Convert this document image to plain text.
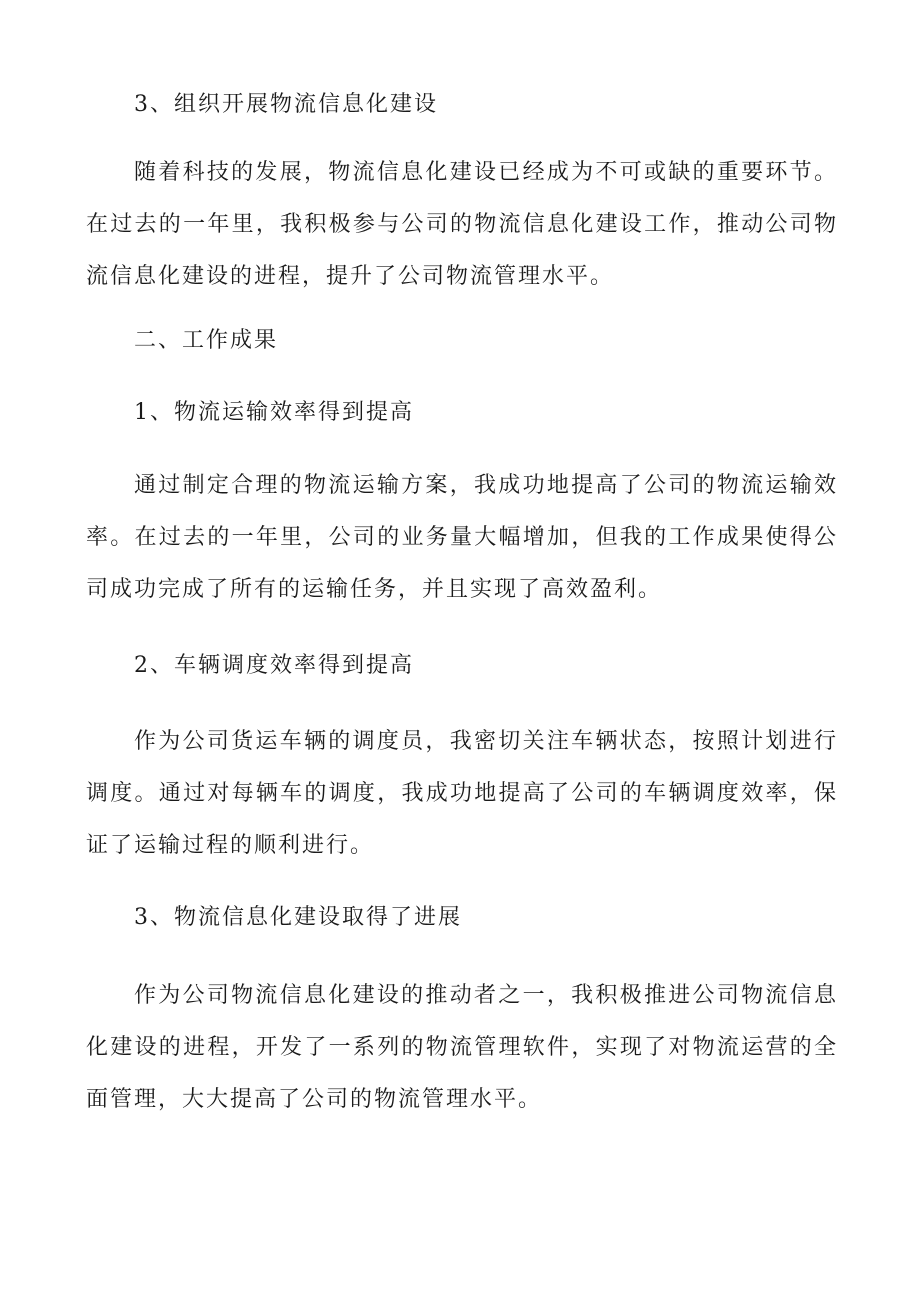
3、组织开展物流信息化建设
随着科技的发展，物流信息化建设已经成为不可或缺的重要环节。在过去的一年里，我积极参与公司的物流信息化建设工作，推动公司物流信息化建设的进程，提升了公司物流管理水平。
二、工作成果
1、物流运输效率得到提高
通过制定合理的物流运输方案，我成功地提高了公司的物流运输效率。在过去的一年里，公司的业务量大幅增加，但我的工作成果使得公司成功完成了所有的运输任务，并且实现了高效盈利。
2、车辆调度效率得到提高
作为公司货运车辆的调度员，我密切关注车辆状态，按照计划进行调度。通过对每辆车的调度，我成功地提高了公司的车辆调度效率，保证了运输过程的顺利进行。
3、物流信息化建设取得了进展
作为公司物流信息化建设的推动者之一，我积极推进公司物流信息化建设的进程，开发了一系列的物流管理软件，实现了对物流运营的全面管理，大大提高了公司的物流管理水平。
